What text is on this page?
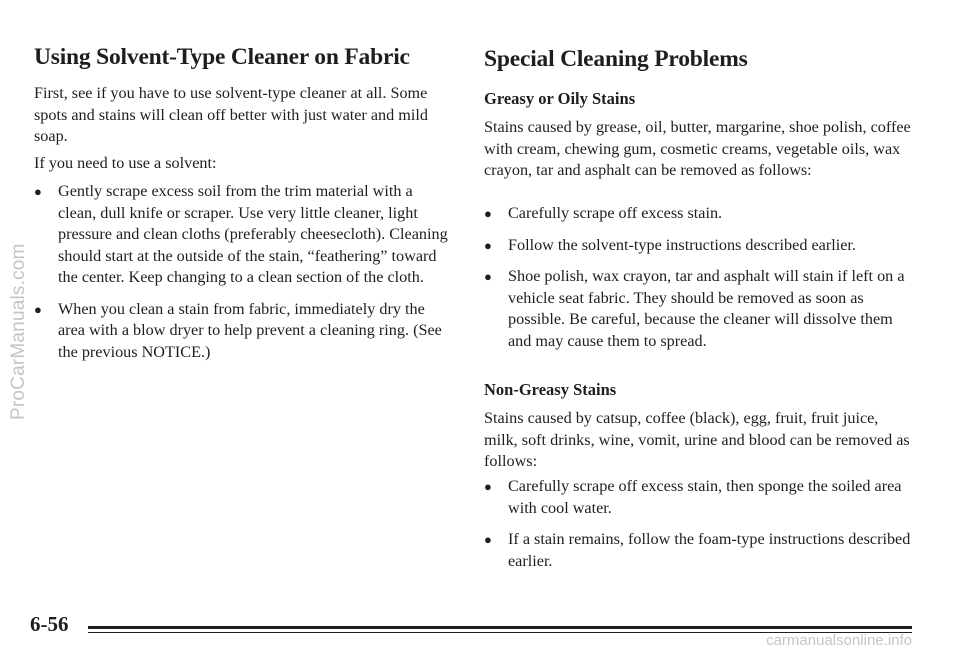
ProCarManuals.com
Using Solvent-Type Cleaner on Fabric

First, see if you have to use solvent-type cleaner at all. Some spots and stains will clean off better with just water and mild soap.

If you need to use a solvent:

● Gently scrape excess soil from the trim material with a clean, dull knife or scraper. Use very little cleaner, light pressure and clean cloths (preferably cheesecloth). Cleaning should start at the outside of the stain, “feathering” toward the center. Keep changing to a clean section of the cloth.
● When you clean a stain from fabric, immediately dry the area with a blow dryer to help prevent a cleaning ring. (See the previous NOTICE.)
Special Cleaning Problems
Greasy or Oily Stains

Stains caused by grease, oil, butter, margarine, shoe polish, coffee with cream, chewing gum, cosmetic creams, vegetable oils, wax crayon, tar and asphalt can be removed as follows:

● Carefully scrape off excess stain.
● Follow the solvent-type instructions described earlier.
● Shoe polish, wax crayon, tar and asphalt will stain if left on a vehicle seat fabric. They should be removed as soon as possible. Be careful, because the cleaner will dissolve them and may cause them to spread.
Non-Greasy Stains

Stains caused by catsup, coffee (black), egg, fruit, fruit juice, milk, soft drinks, wine, vomit, urine and blood can be removed as follows:

● Carefully scrape off excess stain, then sponge the soiled area with cool water.
● If a stain remains, follow the foam-type instructions described earlier.
6-56
carmanualsonline.info
